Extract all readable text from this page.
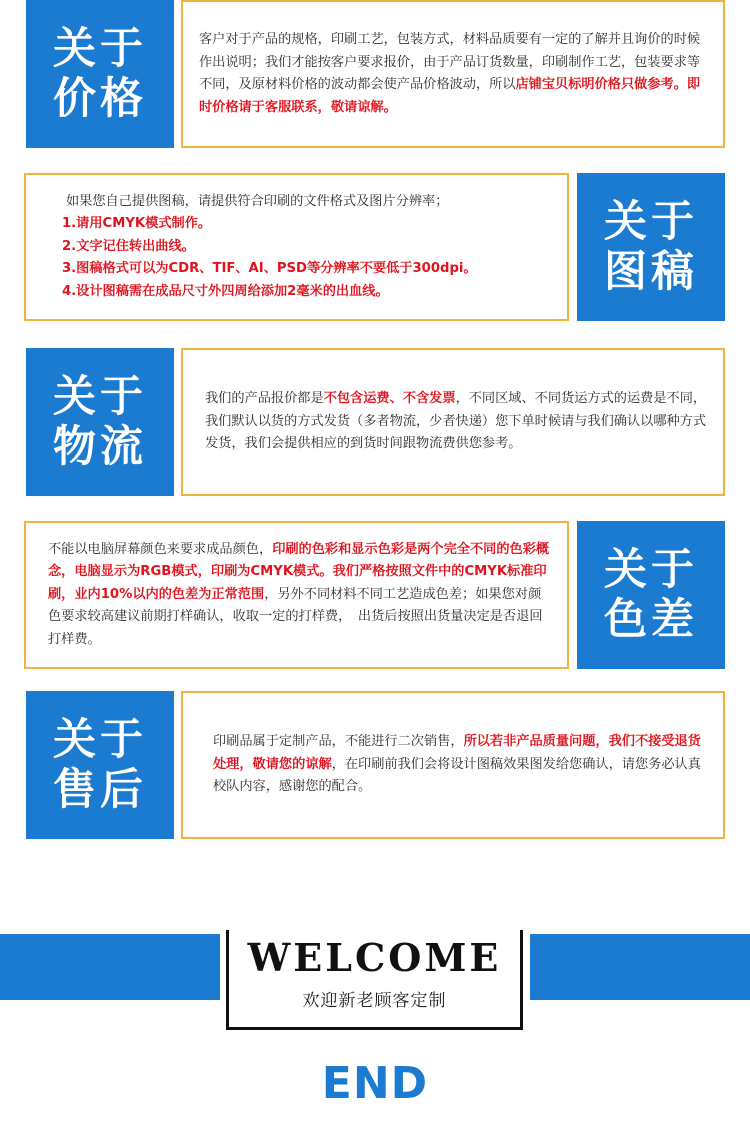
关于
价格
客户对于产品的规格，印刷工艺，包装方式，材料品质要有一定的了解并且询价的时候作出说明；我们才能按客户要求报价，由于产品订货数量，印刷制作工艺，包装要求等不同，及原材料价格的波动都会使产品价格波动，所以店铺宝贝标明价格只做参考。即时价格请于客服联系，敬请谅解。
如果您自己提供图稿，请提供符合印刷的文件格式及图片分辨率；
1.请用CMYK模式制作。
2.文字记住转出曲线。
3.图稿格式可以为CDR、TIF、AI、PSD等分辨率不要低于300dpi。
4.设计图稿需在成品尺寸外四周给添加2毫米的出血线。
关于
图稿
关于
物流
我们的产品报价都是不包含运费、不含发票，不同区域、不同货运方式的运费是不同，我们默认以货的方式发货（多者物流，少者快递）您下单时候请与我们确认以哪种方式发货，我们会提供相应的到货时间跟物流费供您参考。
不能以电脑屏幕颜色来要求成品颜色，印刷的色彩和显示色彩是两个完全不同的色彩概念，电脑显示为RGB模式，印刷为CMYK模式。我们严格按照文件中的CMYK标准印刷，业内10%以内的色差为正常范围，另外不同材料不同工艺造成色差；如果您对颜色要求较高建议前期打样确认，收取一定的打样费，　出货后按照出货量决定是否退回打样费。
关于
色差
关于
售后
印刷品属于定制产品，不能进行二次销售，所以若非产品质量问题，我们不接受退货处理，敬请您的谅解，在印刷前我们会将设计图稿效果图发给您确认，请您务必认真校队内容，感谢您的配合。
WELCOME
欢迎新老顾客定制
END
